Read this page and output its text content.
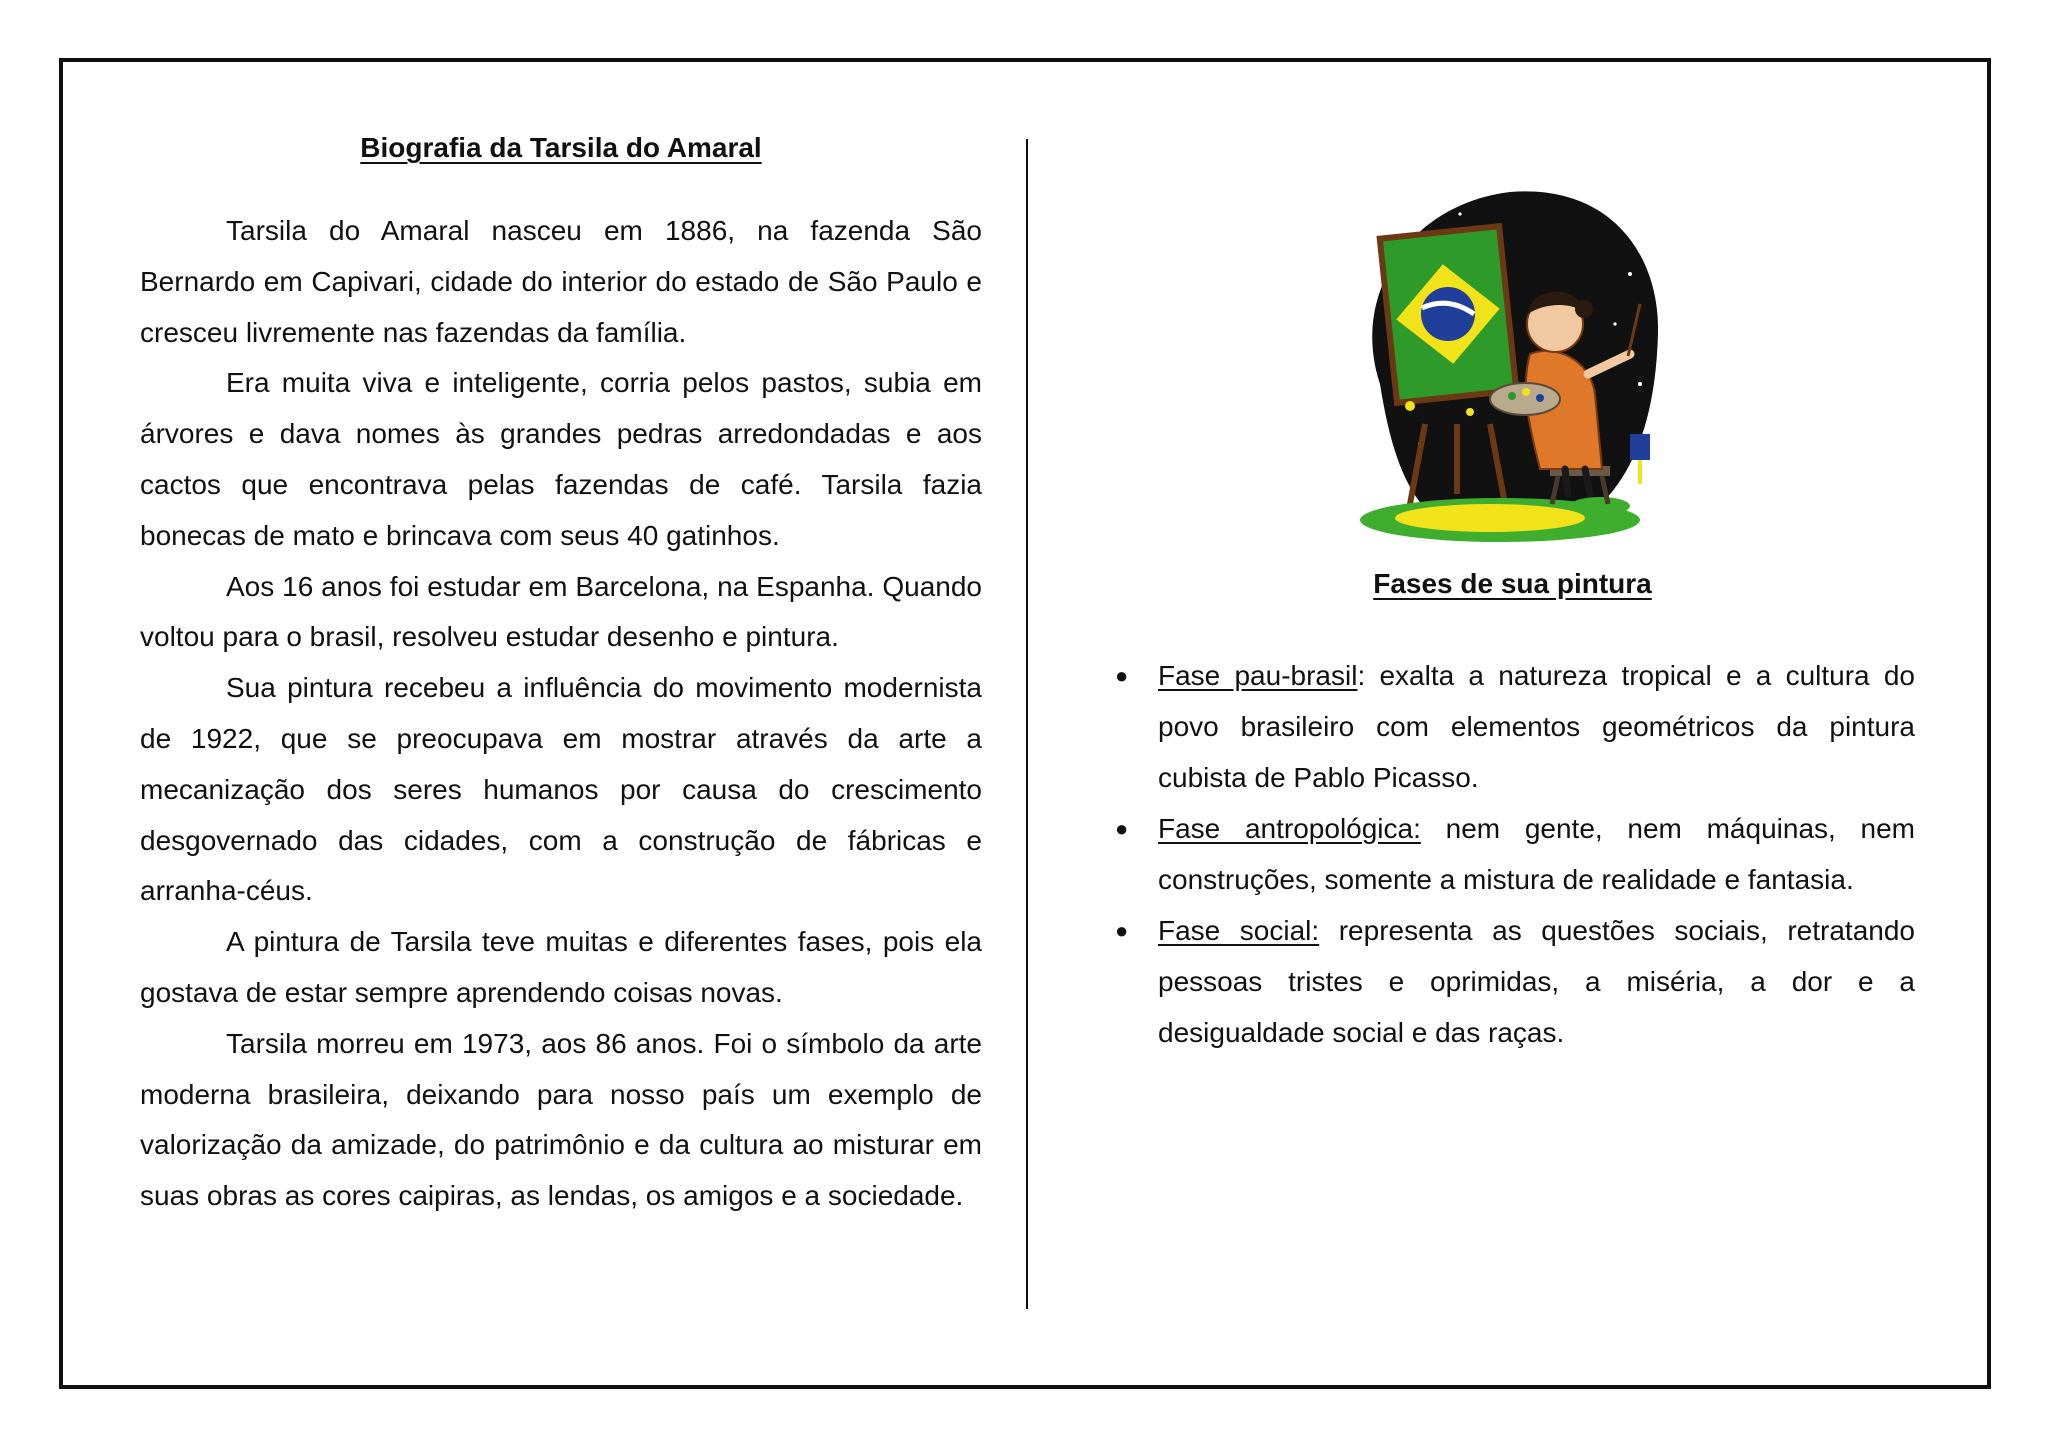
Biografia da Tarsila do Amaral

Tarsila do Amaral nasceu em 1886, na fazenda São Bernardo em Capivari, cidade do interior do estado de São Paulo e cresceu livremente nas fazendas da família.

Era muita viva e inteligente, corria pelos pastos, subia em árvores e dava nomes às grandes pedras arredondadas e aos cactos que encontrava pelas fazendas de café. Tarsila fazia bonecas de mato e brincava com seus 40 gatinhos.

Aos 16 anos foi estudar em Barcelona, na Espanha. Quando voltou para o brasil, resolveu estudar desenho e pintura.

Sua pintura recebeu a influência do movimento modernista de 1922, que se preocupava em mostrar através da arte a mecanização dos seres humanos por causa do crescimento desgovernado das cidades, com a construção de fábricas e arranha-céus.

A pintura de Tarsila teve muitas e diferentes fases, pois ela gostava de estar sempre aprendendo coisas novas.

Tarsila morreu em 1973, aos 86 anos. Foi o símbolo da arte moderna brasileira, deixando para nosso país um exemplo de valorização da amizade, do patrimônio e da cultura ao misturar em suas obras as cores caipiras, as lendas, os amigos e a sociedade.

Fases de sua pintura
● Fase pau-brasil: exalta a natureza tropical e a cultura do povo brasileiro com elementos geométricos da pintura cubista de Pablo Picasso.
● Fase antropológica: nem gente, nem máquinas, nem construções, somente a mistura de realidade e fantasia.
● Fase social: representa as questões sociais, retratando pessoas tristes e oprimidas, a miséria, a dor e a desigualdade social e das raças.
